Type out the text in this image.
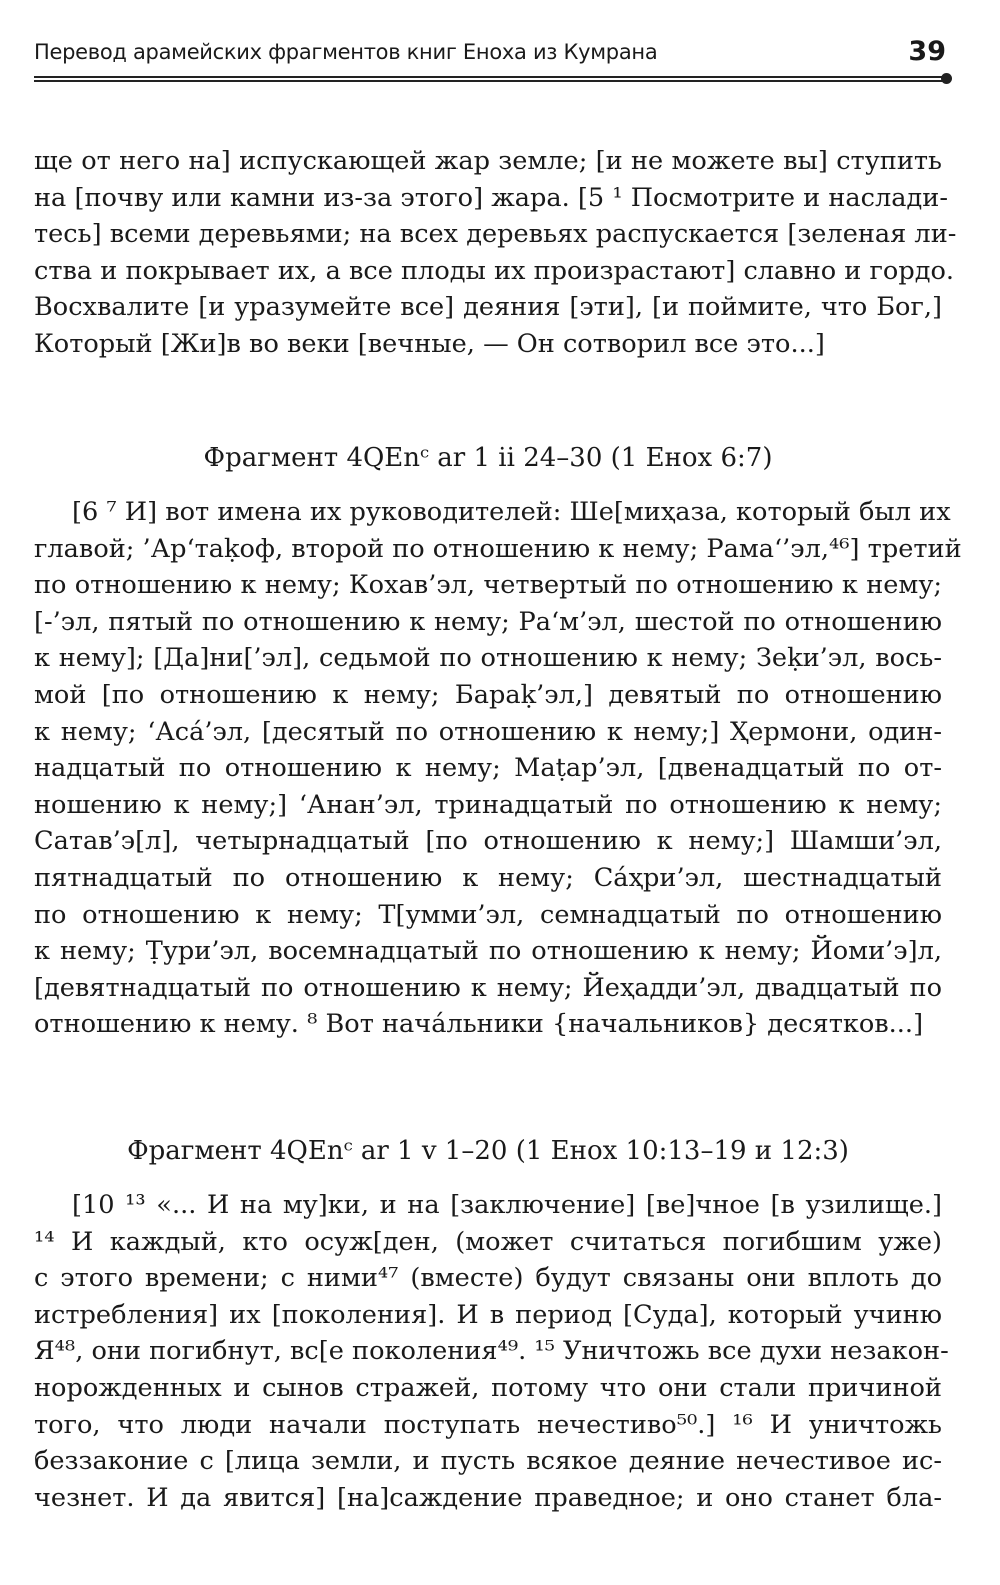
Перевод арамейских фрагментов книг Еноха из Кумрана	39
ще от него на] испускающей жар земле; [и не можете вы] ступить
на [почву или камни из-за этого] жара. [5 ¹ Посмотрите и наслади-
тесь] всеми деревьями; на всех деревьях распускается [зеленая ли-
ства и покрывает их, а все плоды их произрастают] славно и гордо.
Восхвалите [и уразумейте все] деяния [эти], [и поймите, что Бог,]
Который [Жи]в во веки [вечные, — Он сотворил все это...]
Фрагмент 4QEnᶜ ar 1 ii 24–30 (1 Енох 6:7)
[6 ⁷ И] вот имена их руководителей: Ше[миҳаза, который был их
главой; ’Ар‘таḳоф, второй по отношению к нему; Рама‘’эл,⁴⁶] третий
по отношению к нему; Кохав’эл, четвертый по отношению к нему;
[-’эл, пятый по отношению к нему; Ра‘м’эл, шестой по отношению
к нему]; [Да]ни[’эл], седьмой по отношению к нему; Зеḳи’эл, вось-
мой [по отношению к нему; Бараḳ’эл,] девятый по отношению
к нему; ‘Аса́’эл, [десятый по отношению к нему;] Ҳермони, один-
надцатый по отношению к нему; Маṭар’эл, [двенадцатый по от-
ношению к нему;] ‘Анан’эл, тринадцатый по отношению к нему;
Сатав’э[л], четырнадцатый [по отношению к нему;] Шамши’эл,
пятнадцатый по отношению к нему; Са́ҳри’эл, шестнадцатый
по отношению к нему; Т[умми’эл, семнадцатый по отношению
к нему; Ṭури’эл, восемнадцатый по отношению к нему; Йоми’э]л,
[девятнадцатый по отношению к нему; Йеҳадди’эл, двадцатый по
отношению к нему. ⁸ Вот нача́льники {начальников} десятков...]
Фрагмент 4QEnᶜ ar 1 v 1–20 (1 Енох 10:13–19 и 12:3)
[10 ¹³ «... И на му]ки, и на [заключение] [ве]чное [в узилище.]
¹⁴ И каждый, кто осуж[ден, (может считаться погибшим уже)
с этого времени; с ними⁴⁷ (вместе) будут связаны они вплоть до
истребления] их [поколения]. И в период [Суда], который учиню
Я⁴⁸, они погибнут, вс[е поколения⁴⁹. ¹⁵ Уничтожь все духи незакон-
норожденных и сынов стражей, потому что они стали причиной
того, что люди начали поступать нечестиво⁵⁰.] ¹⁶ И уничтожь
беззаконие с [лица земли, и пусть всякое деяние нечестивое ис-
чезнет. И да явится] [на]саждение праведное; и оно станет бла-
